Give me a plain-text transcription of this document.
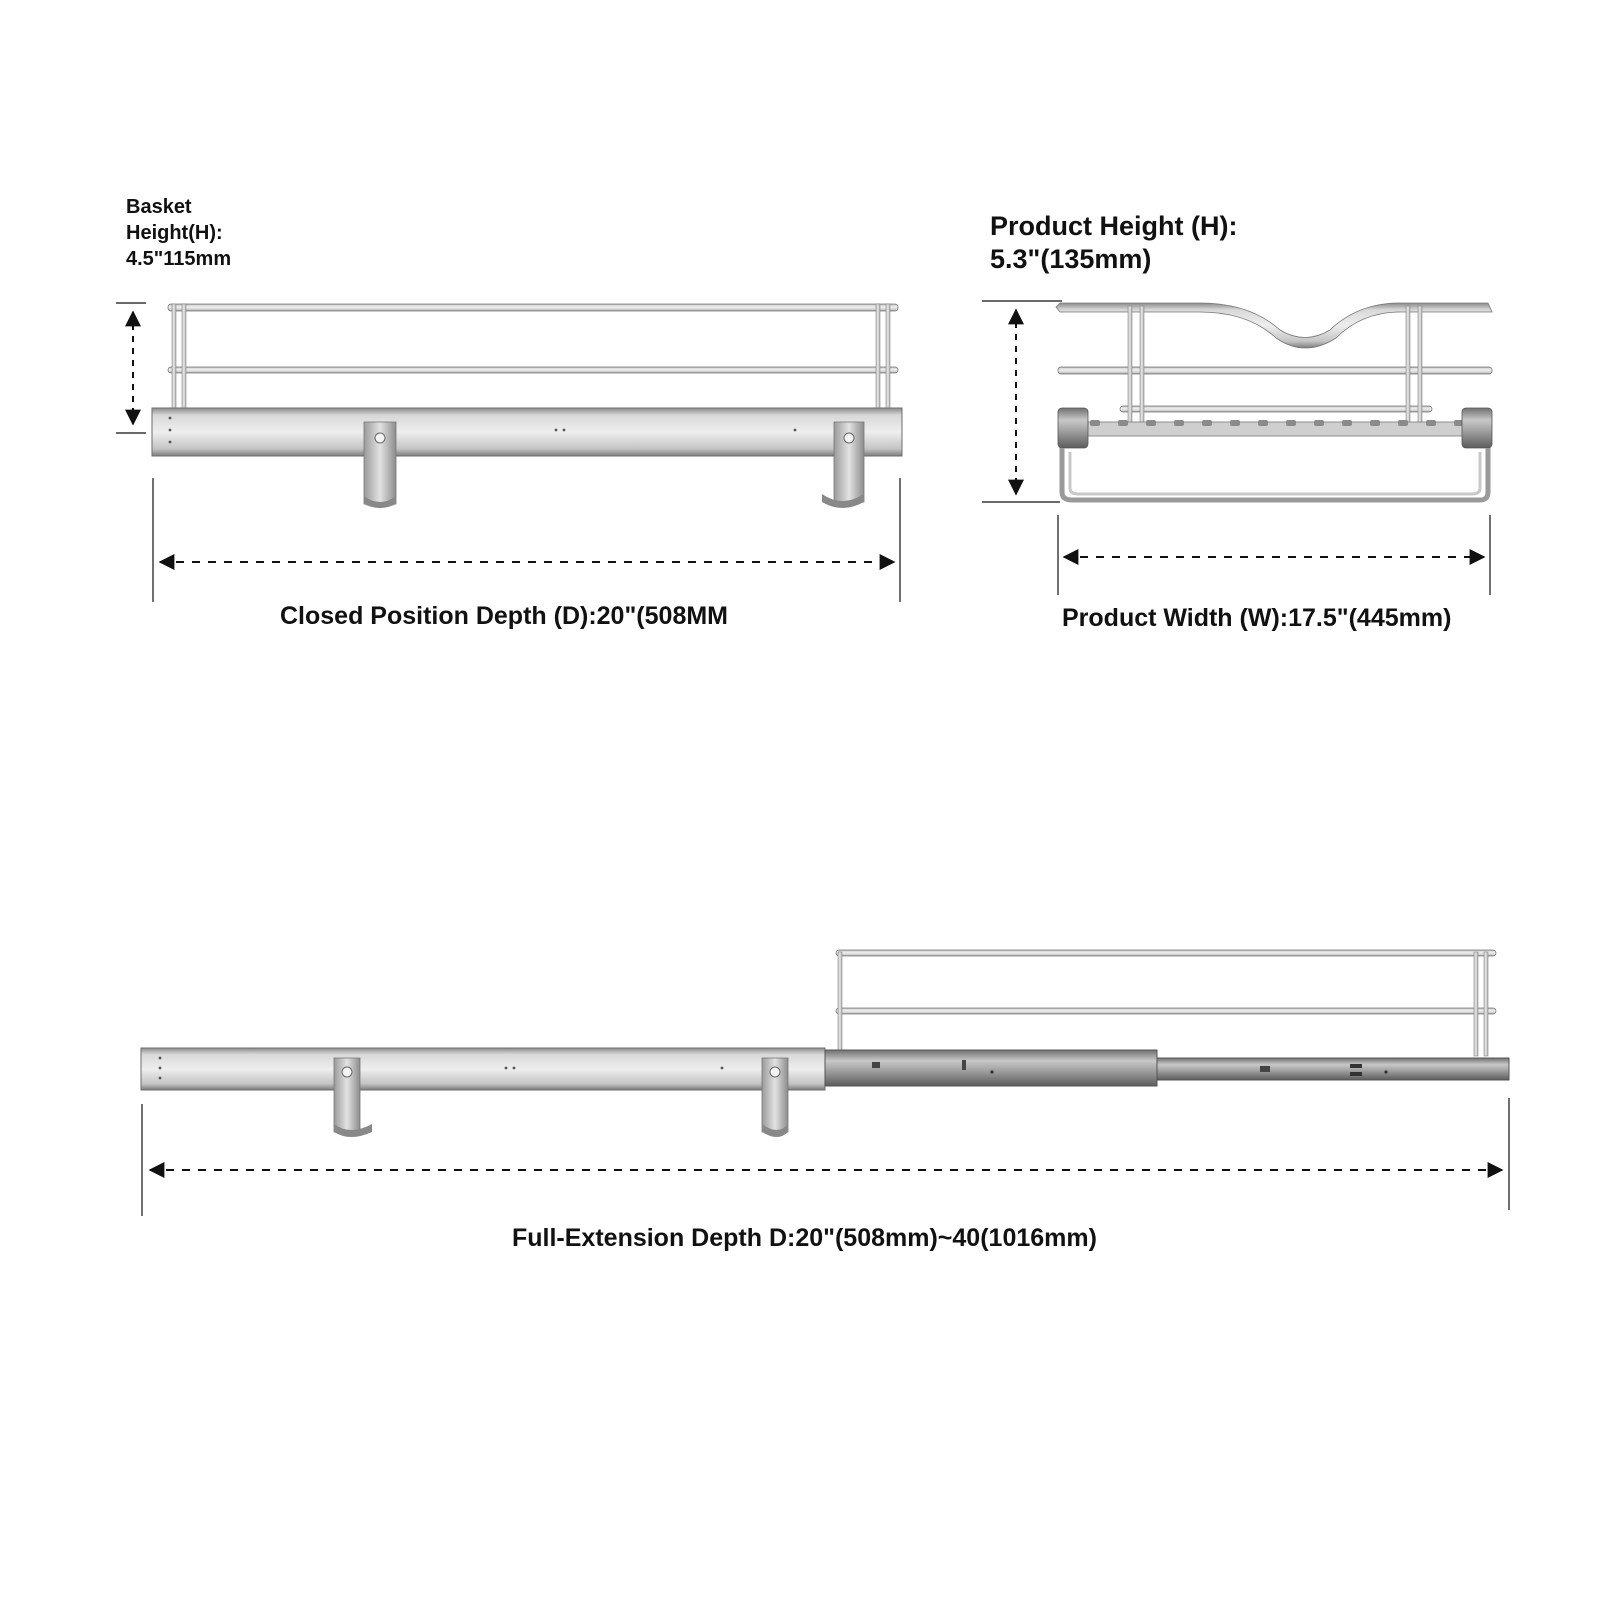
Basket
Height(H):
4.5"115mm
Product Height (H):
5.3"(135mm)
Closed Position Depth (D):20"(508MM	Product Width (W):17.5"(445mm)
Full-Extension Depth D:20"(508mm)~40(1016mm)
